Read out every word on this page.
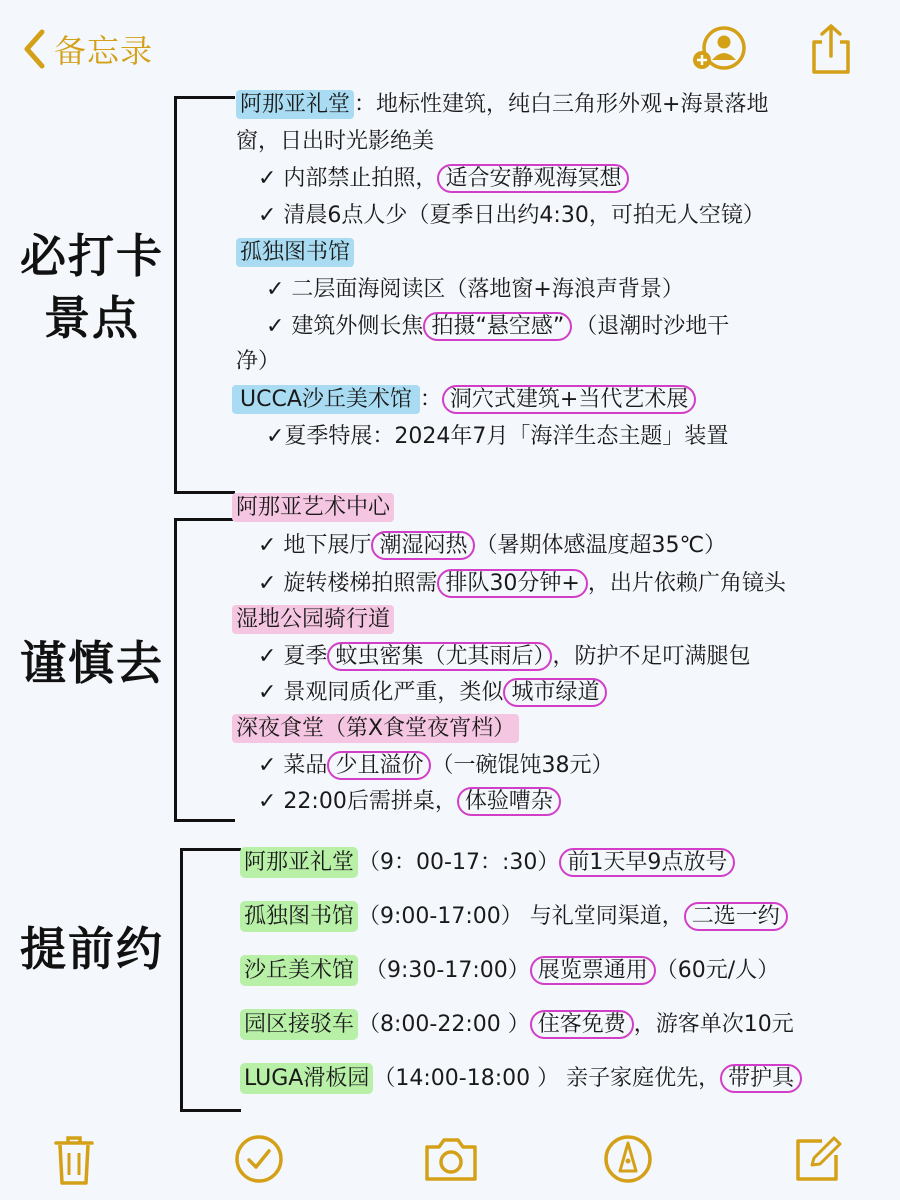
备忘录
必打卡
景点
阿那亚礼堂 ：地标性建筑，纯白三角形外观+海景落地
窗，日出时光影绝美
✓ 内部禁止拍照， 适合安静观海冥想
✓ 清晨6点人少（夏季日出约4:30，可拍无人空镜）
孤独图书馆
✓ 二层面海阅读区（落地窗+海浪声背景）
✓ 建筑外侧长焦 拍摄“悬空感” （退潮时沙地干
净）
UCCA沙丘美术馆 ： 洞穴式建筑+当代艺术展
✓夏季特展：2024年7月「海洋生态主题」装置
谨慎去
阿那亚艺术中心
✓ 地下展厅 潮湿闷热 （暑期体感温度超35℃）
✓ 旋转楼梯拍照需 排队30分钟+ ，出片依赖广角镜头
湿地公园骑行道
✓ 夏季 蚊虫密集（尤其雨后） ，防护不足叮满腿包
✓ 景观同质化严重，类似 城市绿道
深夜食堂（第X食堂夜宵档）
✓ 菜品 少且溢价 （一碗馄饨38元）
✓ 22:00后需拼桌， 体验嘈杂
提前约
阿那亚礼堂 （9：00-17：:30） 前1天早9点放号
孤独图书馆 （9:00-17:00） 与礼堂同渠道， 二选一约
沙丘美术馆 （9:30-17:00） 展览票通用 （60元/人）
园区接驳车 （8:00-22:00 ） 住客免费 ，游客单次10元
LUGA滑板园 （14:00-18:00 ） 亲子家庭优先， 带护具
